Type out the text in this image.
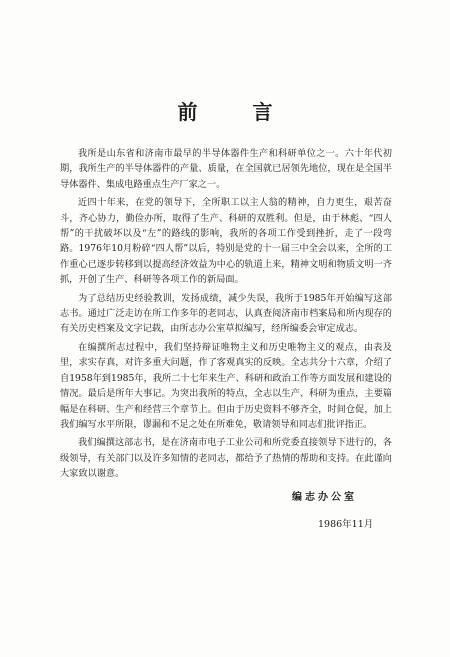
前 言

我所是山东省和济南市最早的半导体器件生产和科研单位之一。六十年代初期，我所生产的半导体器件的产量、质量，在全国就已居领先地位，现在是全国半导体器件、集成电路重点生产厂家之一。

近四十年来，在党的领导下，全所职工以主人翁的精神，自力更生，艰苦奋斗，齐心协力，勤俭办所，取得了生产、科研的双胜利。但是，由于林彪、“四人帮”的干扰破坏以及“左”的路线的影响，我所的各项工作受到挫折，走了一段弯路。1976年10月粉碎“四人帮”以后，特别是党的十一届三中全会以来，全所的工作重心已逐步转移到以提高经济效益为中心的轨道上来，精神文明和物质文明一齐抓，开创了生产、科研等各项工作的新局面。

为了总结历史经验教训，发扬成绩，减少失误，我所于1985年开始编写这部志书。通过广泛走访在所工作多年的老同志，认真查阅济南市档案局和所内现存的有关历史档案及文字记载，由所志办公室草拟编写，经所编委会审定成志。

在编撰所志过程中，我们坚持辩证唯物主义和历史唯物主义的观点，由表及里，求实存真，对许多重大问题，作了客观真实的反映。全志共分十六章，介绍了自1958年到1985年，我所二十七年来生产、科研和政治工作等方面发展和建设的情况。最后是所年大事记。为突出我所的特点，全志以生产、科研为重点，主要篇幅是在科研、生产和经营三个章节上。但由于历史资料不够齐全，时间仓促，加上我们编写水平所限，谬漏和不足之处在所难免，敬请领导和同志们批评指正。

我们编撰这部志书，是在济南市电子工业公司和所党委直接领导下进行的，各级领导，有关部门以及许多知情的老同志，都给予了热情的帮助和支持。在此谨向大家致以谢意。

编志办公室

1986年11月
